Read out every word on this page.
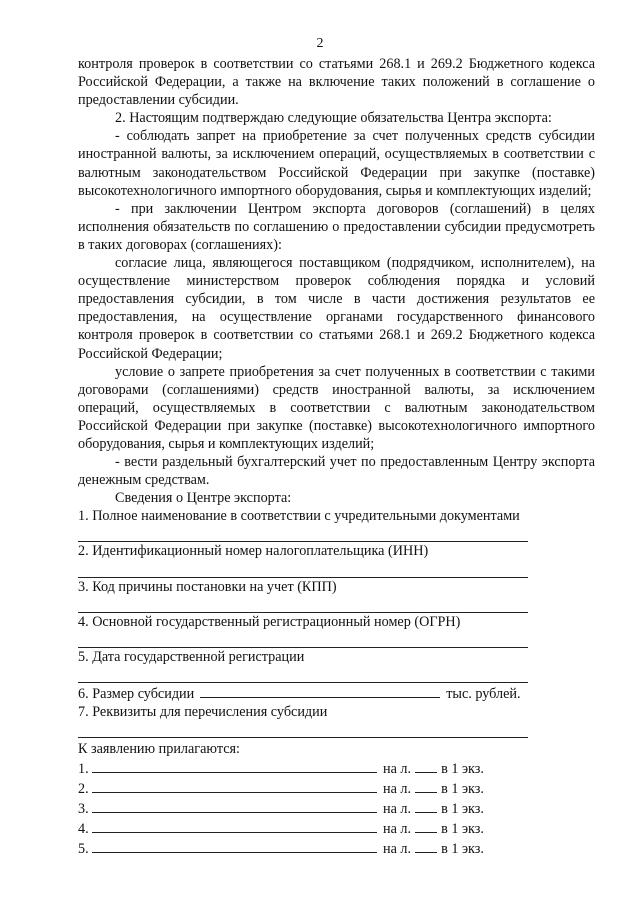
2

контроля проверок в соответствии со статьями 268.1 и 269.2 Бюджетного кодекса Российской Федерации, а также на включение таких положений в соглашение о предоставлении субсидии.

2. Настоящим подтверждаю следующие обязательства Центра экспорта:

- соблюдать запрет на приобретение за счет полученных средств субсидии иностранной валюты, за исключением операций, осуществляемых в соответствии с валютным законодательством Российской Федерации при закупке (поставке) высокотехнологичного импортного оборудования, сырья и комплектующих изделий;

- при заключении Центром экспорта договоров (соглашений) в целях исполнения обязательств по соглашению о предоставлении субсидии предусмотреть в таких договорах (соглашениях):

согласие лица, являющегося поставщиком (подрядчиком, исполнителем), на осуществление министерством проверок соблюдения порядка и условий предоставления субсидии, в том числе в части достижения результатов ее предоставления, на осуществление органами государственного финансового контроля проверок в соответствии со статьями 268.1 и 269.2 Бюджетного кодекса Российской Федерации;

условие о запрете приобретения за счет полученных в соответствии с такими договорами (соглашениями) средств иностранной валюты, за исключением операций, осуществляемых в соответствии с валютным законодательством Российской Федерации при закупке (поставке) высокотехнологичного импортного оборудования, сырья и комплектующих изделий;

- вести раздельный бухгалтерский учет по предоставленным Центру экспорта денежным средствам.

Сведения о Центре экспорта:

1. Полное наименование в соответствии с учредительными документами

2. Идентификационный номер налогоплательщика (ИНН)

3. Код причины постановки на учет (КПП)

4. Основной государственный регистрационный номер (ОГРН)

5. Дата государственной регистрации

6. Размер субсидии	тыс. рублей.

7. Реквизиты для перечисления субсидии

К заявлению прилагаются:

1.	на л. в 1 экз.
2.	на л. в 1 экз.
3.	на л. в 1 экз.
4.	на л. в 1 экз.
5.	на л. в 1 экз.
